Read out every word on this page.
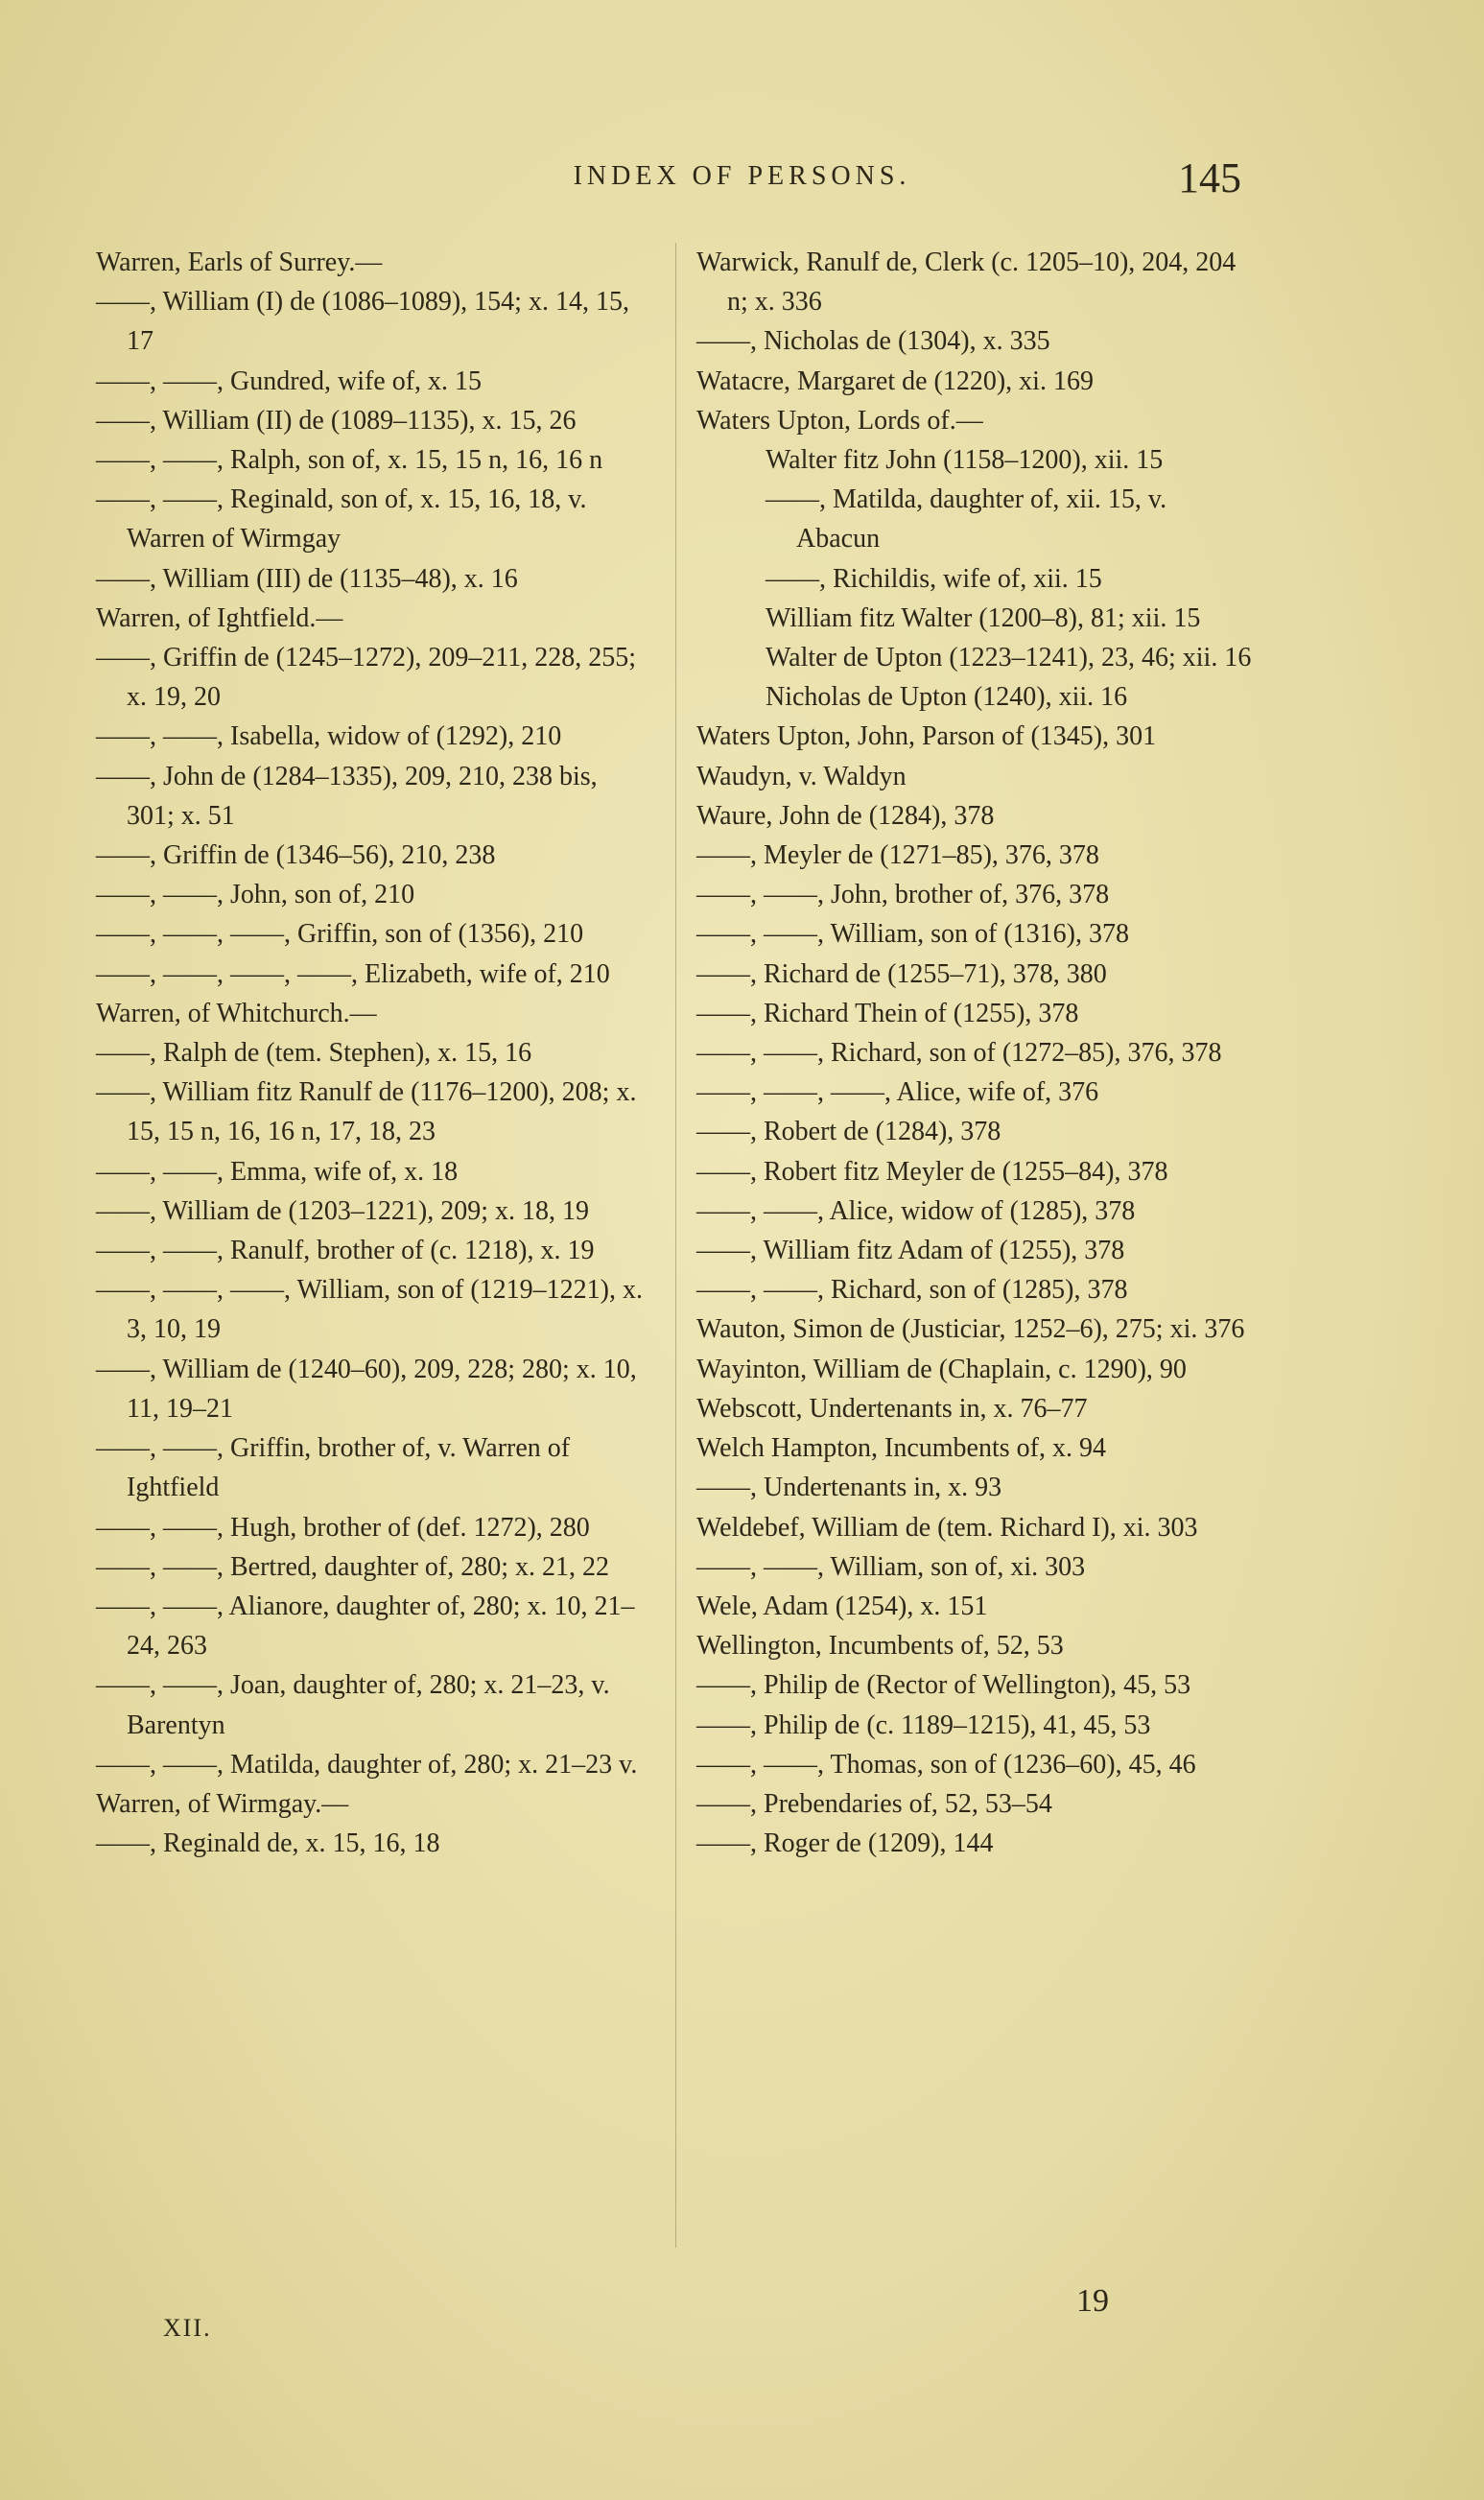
INDEX OF PERSONS.	145

Warren, Earls of Surrey.—

——, William (I) de (1086–1089), 154; x. 14, 15, 17

——, ——, Gundred, wife of, x. 15

——, William (II) de (1089–1135), x. 15, 26

——, ——, Ralph, son of, x. 15, 15 n, 16, 16 n

——, ——, Reginald, son of, x. 15, 16, 18, v. Warren of Wirmgay

——, William (III) de (1135–48), x. 16

Warren, of Ightfield.—

——, Griffin de (1245–1272), 209–211, 228, 255; x. 19, 20

——, ——, Isabella, widow of (1292), 210

——, John de (1284–1335), 209, 210, 238 bis, 301; x. 51

——, Griffin de (1346–56), 210, 238

——, ——, John, son of, 210

——, ——, ——, Griffin, son of (1356), 210

——, ——, ——, ——, Elizabeth, wife of, 210

Warren, of Whitchurch.—

——, Ralph de (tem. Stephen), x. 15, 16

——, William fitz Ranulf de (1176–1200), 208; x. 15, 15 n, 16, 16 n, 17, 18, 23

——, ——, Emma, wife of, x. 18

——, William de (1203–1221), 209; x. 18, 19

——, ——, Ranulf, brother of (c. 1218), x. 19

——, ——, ——, William, son of (1219–1221), x. 3, 10, 19

——, William de (1240–60), 209, 228; 280; x. 10, 11, 19–21

——, ——, Griffin, brother of, v. Warren of Ightfield

——, ——, Hugh, brother of (def. 1272), 280

——, ——, Bertred, daughter of, 280; x. 21, 22

——, ——, Alianore, daughter of, 280; x. 10, 21–24, 263

——, ——, Joan, daughter of, 280; x. 21–23, v. Barentyn

——, ——, Matilda, daughter of, 280; x. 21–23 v.

Warren, of Wirmgay.—

——, Reginald de, x. 15, 16, 18

Warwick, Ranulf de, Clerk (c. 1205–10), 204, 204 n; x. 336

——, Nicholas de (1304), x. 335

Watacre, Margaret de (1220), xi. 169

Waters Upton, Lords of.—

Walter fitz John (1158–1200), xii. 15

——, Matilda, daughter of, xii. 15, v. Abacun

——, Richildis, wife of, xii. 15

William fitz Walter (1200–8), 81; xii. 15

Walter de Upton (1223–1241), 23, 46; xii. 16

Nicholas de Upton (1240), xii. 16

Waters Upton, John, Parson of (1345), 301

Waudyn, v. Waldyn

Waure, John de (1284), 378

——, Meyler de (1271–85), 376, 378

——, ——, John, brother of, 376, 378

——, ——, William, son of (1316), 378

——, Richard de (1255–71), 378, 380

——, Richard Thein of (1255), 378

——, ——, Richard, son of (1272–85), 376, 378

——, ——, ——, Alice, wife of, 376

——, Robert de (1284), 378

——, Robert fitz Meyler de (1255–84), 378

——, ——, Alice, widow of (1285), 378

——, William fitz Adam of (1255), 378

——, ——, Richard, son of (1285), 378

Wauton, Simon de (Justiciar, 1252–6), 275; xi. 376

Wayinton, William de (Chaplain, c. 1290), 90

Webscott, Undertenants in, x. 76–77

Welch Hampton, Incumbents of, x. 94

——, Undertenants in, x. 93

Weldebef, William de (tem. Richard I), xi. 303

——, ——, William, son of, xi. 303

Wele, Adam (1254), x. 151

Wellington, Incumbents of, 52, 53

——, Philip de (Rector of Wellington), 45, 53

——, Philip de (c. 1189–1215), 41, 45, 53

——, ——, Thomas, son of (1236–60), 45, 46

——, Prebendaries of, 52, 53–54

——, Roger de (1209), 144

XII.
19
